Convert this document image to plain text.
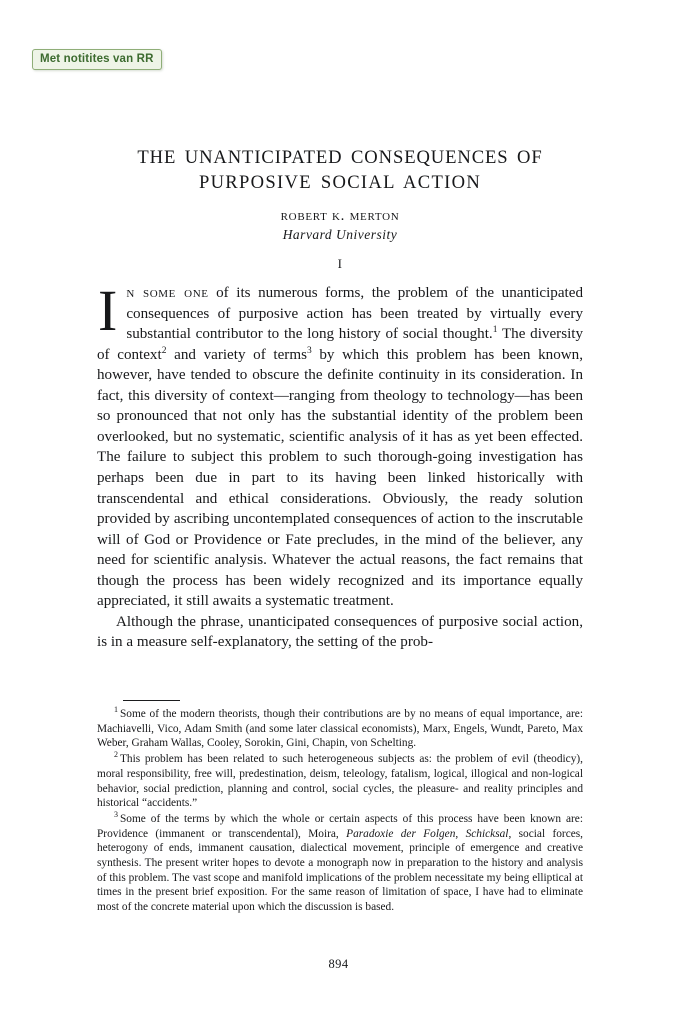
Met notitites van RR
THE UNANTICIPATED CONSEQUENCES OF
PURPOSIVE SOCIAL ACTION
robert k. merton
Harvard University
I

In some one of its numerous forms, the problem of the unanticipated consequences of purposive action has been treated by virtually every substantial contributor to the long history of social thought.$^1$ The diversity of context$^2$ and variety of terms$^3$ by which this problem has been known, however, have tended to obscure the definite continuity in its consideration. In fact, this diversity of context—ranging from theology to technology—has been so pronounced that not only has the substantial identity of the problem been overlooked, but no systematic, scientific analysis of it has as yet been effected. The failure to subject this problem to such thorough-going investigation has perhaps been due in part to its having been linked historically with transcendental and ethical considerations. Obviously, the ready solution provided by ascribing uncontemplated consequences of action to the inscrutable will of God or Providence or Fate precludes, in the mind of the believer, any need for scientific analysis. Whatever the actual reasons, the fact remains that though the process has been widely recognized and its importance equally appreciated, it still awaits a systematic treatment.

Although the phrase, unanticipated consequences of purposive social action, is in a measure self-explanatory, the setting of the prob-

$^1$ Some of the modern theorists, though their contributions are by no means of equal importance, are: Machiavelli, Vico, Adam Smith (and some later classical economists), Marx, Engels, Wundt, Pareto, Max Weber, Graham Wallas, Cooley, Sorokin, Gini, Chapin, von Schelting.

$^2$ This problem has been related to such heterogeneous subjects as: the problem of evil (theodicy), moral responsibility, free will, predestination, deism, teleology, fatalism, logical, illogical and non-logical behavior, social prediction, planning and control, social cycles, the pleasure- and reality principles and historical “accidents.”

$^3$ Some of the terms by which the whole or certain aspects of this process have been known are: Providence (immanent or transcendental), Moira, Paradoxie der Folgen, Schicksal, social forces, heterogony of ends, immanent causation, dialectical movement, principle of emergence and creative synthesis. The present writer hopes to devote a monograph now in preparation to the history and analysis of this problem. The vast scope and manifold implications of the problem necessitate my being elliptical at times in the present brief exposition. For the same reason of limitation of space, I have had to eliminate most of the concrete material upon which the discussion is based.

894
